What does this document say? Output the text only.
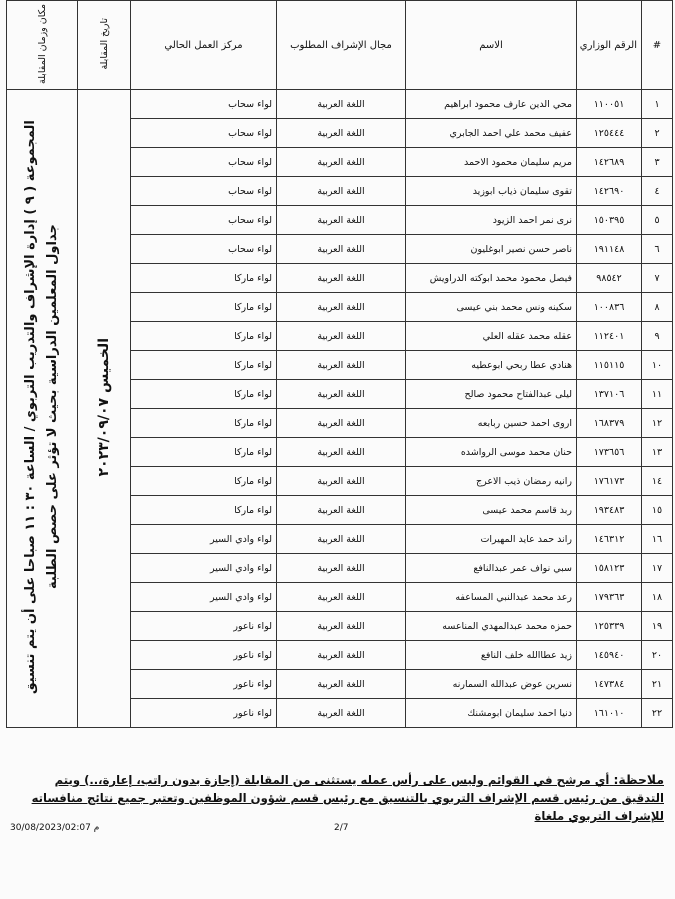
#	الرقم الوزاري	الاسم	مجال الإشراف المطلوب	مركز العمل الحالي	تاريخ المقابلة	مكان وزمان المقابلة
١	١١٠٠٥١	محي الدين عارف محمود ابراهيم	اللغة العربية	لواء سحاب	الخميس ٢٠٢٣/٠٩/٠٧	المجموعة ( ٩ ) إدارة الإشراف والتدريب التربوي / الساعة ٣٠ : ١١ صباحا على أن يتم تنسيق جداول المعلمين الدراسية بحيث لا تؤثر على حصص الطلبة
٢	١٢٥٤٤٤	عفيف محمد علي احمد الجابري	اللغة العربية	لواء سحاب		
٣	١٤٢٦٨٩	مريم سليمان محمود الاحمد	اللغة العربية	لواء سحاب		
٤	١٤٢٦٩٠	تقوى سليمان ذياب ابوزيد	اللغة العربية	لواء سحاب		
٥	١٥٠٣٩٥	نرى نمر احمد الزيود	اللغة العربية	لواء سحاب		
٦	١٩١١٤٨	ناصر حسن نصير ابوغليون	اللغة العربية	لواء سحاب		
٧	٩٨٥٤٢	فيصل محمود محمد ابوكته الدراويش	اللغة العربية	لواء ماركا		
٨	١٠٠٨٣٦	سكينه ونس محمد بني عيسى	اللغة العربية	لواء ماركا		
٩	١١٢٤٠١	عقله محمد عقله العلي	اللغة العربية	لواء ماركا		
١٠	١١٥١١٥	هنادي عطا ربحي ابوعطيه	اللغة العربية	لواء ماركا		
١١	١٣٧١٠٦	ليلى عبدالفتاح محمود صالح	اللغة العربية	لواء ماركا		
١٢	١٦٨٣٧٩	اروى احمد حسين ربابعه	اللغة العربية	لواء ماركا		
١٣	١٧٣٦٥٦	حنان محمد موسى الرواشده	اللغة العربية	لواء ماركا		
١٤	١٧٦١٧٣	رانيه رمضان ذيب الاعرج	اللغة العربية	لواء ماركا		
١٥	١٩٣٤٨٣	ربد قاسم محمد عيسى	اللغة العربية	لواء ماركا		
١٦	١٤٦٣١٢	راند حمد عايد المهيرات	اللغة العربية	لواء وادي السير		
١٧	١٥٨١٢٣	سبي نواف عمر عبدالنافع	اللغة العربية	لواء وادي السير		
١٨	١٧٩٣٦٣	رعد محمد عبدالنبي المساعفه	اللغة العربية	لواء وادي السير		
١٩	١٢٥٣٣٩	حمزه محمد عبدالمهدي المناعسه	اللغة العربية	لواء ناعور		
٢٠	١٤٥٩٤٠	زيد عطاالله خلف النافع	اللغة العربية	لواء ناعور		
٢١	١٤٧٣٨٤	نسرين عوض عبدالله السمارنه	اللغة العربية	لواء ناعور		
٢٢	١٦١٠١٠	دنيا احمد سليمان ابومشنك	اللغة العربية	لواء ناعور		
ملاحظة: أي مرشح في القوائم وليس على رأس عمله يستثنى من المقابلة (إجازة بدون راتب، إعارة،..) ويتم التدقيق من رئيس قسم الإشراف التربوي بالتنسيق مع رئيس قسم شؤون الموظفين وتعتبر جميع نتائج منافساته للإشراف التربوي ملغاة
30/08/2023/02:07 م	2/7
